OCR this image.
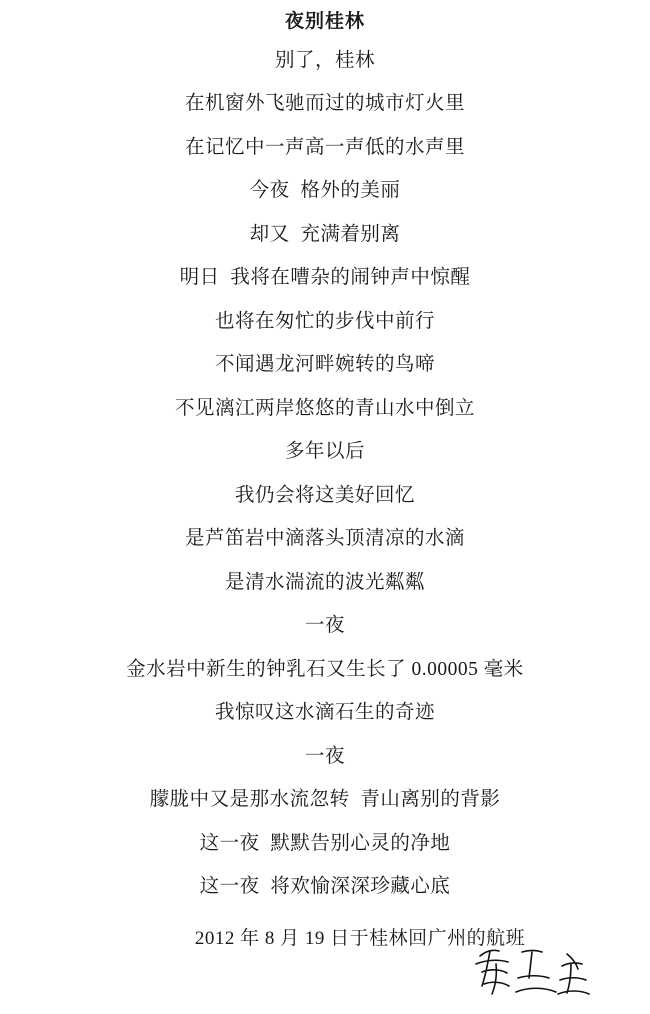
夜别桂林

别了，桂林

在机窗外飞驰而过的城市灯火里

在记忆中一声高一声低的水声里

今夜  格外的美丽

却又  充满着别离

明日  我将在嘈杂的闹钟声中惊醒

也将在匆忙的步伐中前行

不闻遇龙河畔婉转的鸟啼

不见漓江两岸悠悠的青山水中倒立

多年以后

我仍会将这美好回忆

是芦笛岩中滴落头顶清凉的水滴

是清水湍流的波光粼粼

一夜

金水岩中新生的钟乳石又生长了 0.00005 毫米

我惊叹这水滴石生的奇迹

一夜

朦胧中又是那水流忽转  青山离别的背影

这一夜  默默告别心灵的净地

这一夜  将欢愉深深珍藏心底

2012 年 8 月 19 日于桂林回广州的航班
